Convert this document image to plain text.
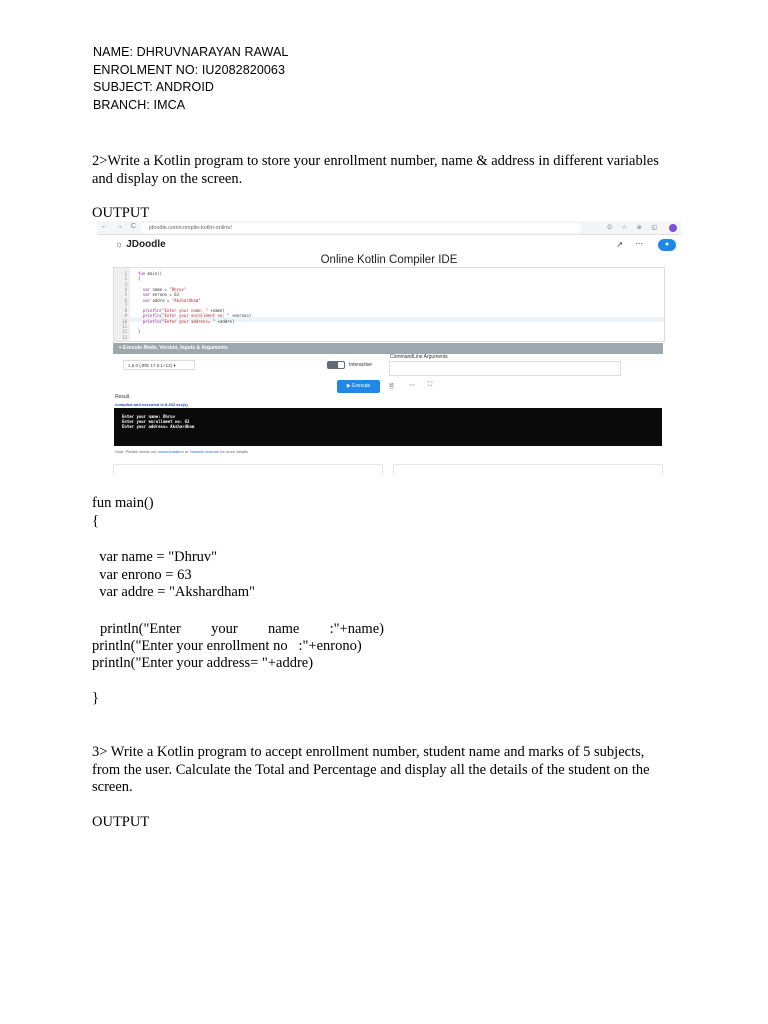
NAME: DHRUVNARAYAN RAWAL
ENROLMENT NO: IU2082820063
SUBJECT: ANDROID
BRANCH: IMCA
2>Write a Kotlin program to store your enrollment number, name & address in different variables and display on the screen.
OUTPUT
← → C	jdoodle.com/compile-kotlin-online/	G ☆ ⊕ ◱
☼ JDoodle	↗ ⋯	●
Online Kotlin Compiler IDE
1	fun main()
2	{
3
4	var name = "Dhruv"
5	var enrono = 63
6	var addre = "Akshardham"
7
8	println("Enter your name: " +name)
9	println("Enter your enrollment no: " +enrono)
10	println("Enter your address= " +addre)
11
12	}
13
▾ Execute Mode, Version, Inputs & Arguments
1.6.0 (JRE 17.0.1+12) ▾	Interactive
CommandLine Arguments
▶ Execute	🗎	⋯ ⛶
Result
compiled and executed in 8.263 sec(s)
Enter your name: Dhruv
Enter your enrollment no: 63
Enter your address= Akshardham
Note: Please check our documentation or Youtube channel for more details
fun main()
{
var name = "Dhruv"
var enrono = 63
var addre = "Akshardham"
println("Enter your name :"+name)
println("Enter your enrollment no   :"+enrono)
println("Enter your address= "+addre)
}
3> Write a Kotlin program to accept enrollment number, student name and marks of 5 subjects, from the user. Calculate the Total and Percentage and display all the details of the student on the screen.
OUTPUT
